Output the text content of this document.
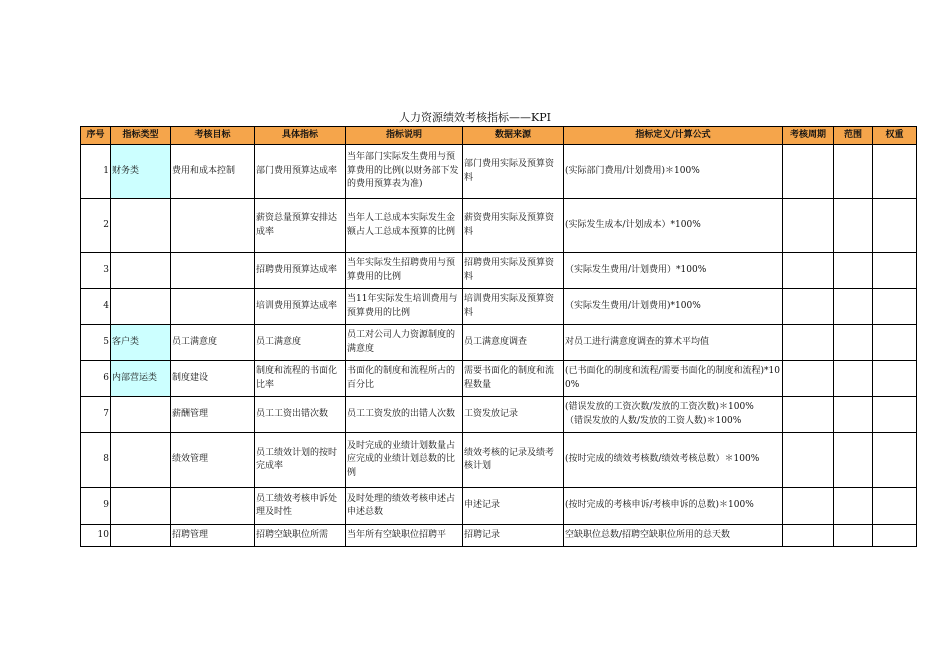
人力资源绩效考核指标——KPI
序号	指标类型	考核目标	具体指标	指标说明	数据来源	指标定义/计算公式	考核周期	范围	权重
1	财务类	费用和成本控制	部门费用预算达成率	当年部门实际发生费用与预算费用的比例(以财务部下发的费用预算表为准)	部门费用实际及预算资料	(实际部门费用/计划费用)＊100%			
2			薪资总量预算安排达成率	当年人工总成本实际发生金额占人工总成本预算的比例	薪资费用实际及预算资料	(实际发生成本/计划成本）*100%			
3			招聘费用预算达成率	当年实际发生招聘费用与预算费用的比例	招聘费用实际及预算资料	（实际发生费用/计划费用）*100%			
4			培训费用预算达成率	当11年实际发生培训费用与预算费用的比例	培训费用实际及预算资料	（实际发生费用/计划费用)*100%			
5	客户类	员工满意度	员工满意度	员工对公司人力资源制度的满意度	员工满意度调查	对员工进行满意度调查的算术平均值			
6	内部营运类	制度建设	制度和流程的书面化比率	书面化的制度和流程所占的百分比	需要书面化的制度和流程数量	(已书面化的制度和流程/需要书面化的制度和流程)*100%			
7		薪酬管理	员工工资出错次数	员工工资发放的出错人次数	工资发放记录	(错误发放的工资次数/发放的工资次数)＊100%
（错误发放的人数/发放的工资人数)＊100%			

8		绩效管理	员工绩效计划的按时完成率	及时完成的业绩计划数量占应完成的业绩计划总数的比例	绩效考核的记录及绩考核计划	(按时完成的绩效考核数/绩效考核总数）＊100%			
9			员工绩效考核申诉处理及时性	及时处理的绩效考核申述占申述总数	申述记录	(按时完成的考核申诉/考核申诉的总数)＊100%			
10		招聘管理	招聘空缺职位所需	当年所有空缺职位招聘平	招聘记录	空缺职位总数/招聘空缺职位所用的总天数			
